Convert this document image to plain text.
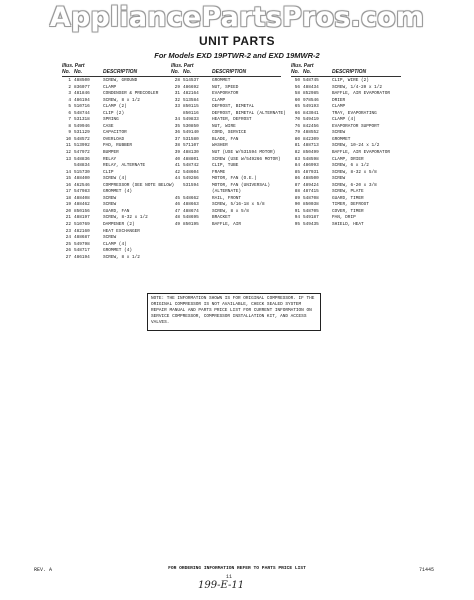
AppliancePartsPros.com
UNIT PARTS
For Models EXD 19PTWR-2 and EXD 19MWR-2
Illus. Part
No. No.	DESCRIPTION
1 488500	SCREW, GROUND
2 836077	CLAMP
3 481846	CONDENSER & PRECOOLER
4 486194	SCREW, 8 x 1/2
5 510716	CLAMP (2)
6 548744	CLIP (2)
7 531318	SPRING
8 549946	CASE
9 531129	CAPACITOR
10 548572	OVERLOAD
11 513992	PAD, RUBBER
12 547972	BUMPER
13 548836	RELAY
548834	RELAY, ALTERNATE
14 515730	CLIP
15 488400	SCREW (4)
16 462546	COMPRESSOR (SEE NOTE BELOW)
17 547983	GROMMET (4)
18 488408	SCREW
19 488462	SCREW
20 850156	GUARD, FAN
21 488197	SCREW, 8-32 x 1/2
22 510769	DAMPENER (2)
23 482160	HEAT EXCHANGER
24 488687	SCREW
25 549798	CLAMP (4)
26 548717	GROMMET (4)
27 486194	SCREW, 8 x 1/2
Illus. Part
No. No.	DESCRIPTION
28 514537	GROMMET
29 486692	NUT, SPEED
31 482164	EVAPORATOR
32 513584	CLAMP
33 850115	DEFROST, BIMETAL
850116	DEFROST, BIMETAL (ALTERNATE)
34 549833	HEATER, DEFROST
35 530850	NUT, WIRE
36 549140	CORD, SERVICE
37 531580	BLADE, FAN
38 571107	WASHER
39 488130	NUT (USE W/531594 MOTOR)
40 488801	SCREW (USE W/549266 MOTOR)
41 548742	CLIP, TUBE
42 548604	FRAME
44 549266	MOTOR, FAN (O.E.)
531594	MOTOR, FAN (UNIVERSAL) (ALTERNATE)
45 548662	RAIL, FRONT
46 488663	SCREW, 5/16-18 x 5/8
47 488674	SCREW, 8 x 5/8
48 548695	BRACKET
49 850195	BAFFLE, AIR
Illus. Part
No. No.	DESCRIPTION
50 548745	CLIP, WIRE (2)
56 488434	SCREW, 1/4-20 x 1/2
58 852985	BAFFLE, AIR EVAPORATOR
60 978546	DRIER
65 549193	CLAMP
66 843041	TRAY, EVAPORATING
70 549419	CLAMP (4)
76 842456	EVAPORATOR SUPPORT
79 488552	SCREW
80 842309	GROMMET
81 488713	SCREW, 10-24 x 1/2
82 850499	BAFFLE, AIR EVAPORATOR
83 548598	CLAMP, DRIER
84 486993	SCREW, 6 x 1/2
85 487931	SCREW, 8-32 x 5/8
86 488500	SCREW
87 489424	SCREW, 6-20 x 3/8
88 487415	SCREW, PLATE
89 548708	GUARD, TIMER
90 850038	TIMER, DEFROST
91 548705	COVER, TIMER
94 549187	PAN, DRIP
95 549435	SHIELD, HEAT
NOTE: THE INFORMATION SHOWN IS FOR ORIGINAL COMPRESSOR. IF THE ORIGINAL COMPRESSOR IS NOT AVAILABLE, CHECK SEALED SYSTEM REPAIR MANUAL AND PARTS PRICE LIST FOR CURRENT INFORMATION ON SERVICE COMPRESSOR, COMPRESSOR INSTALLATION KIT, AND ACCESS VALVES.
REV. A	FOR ORDERING INFORMATION REFER TO PARTS PRICE LIST	71445
11
199-E-11
